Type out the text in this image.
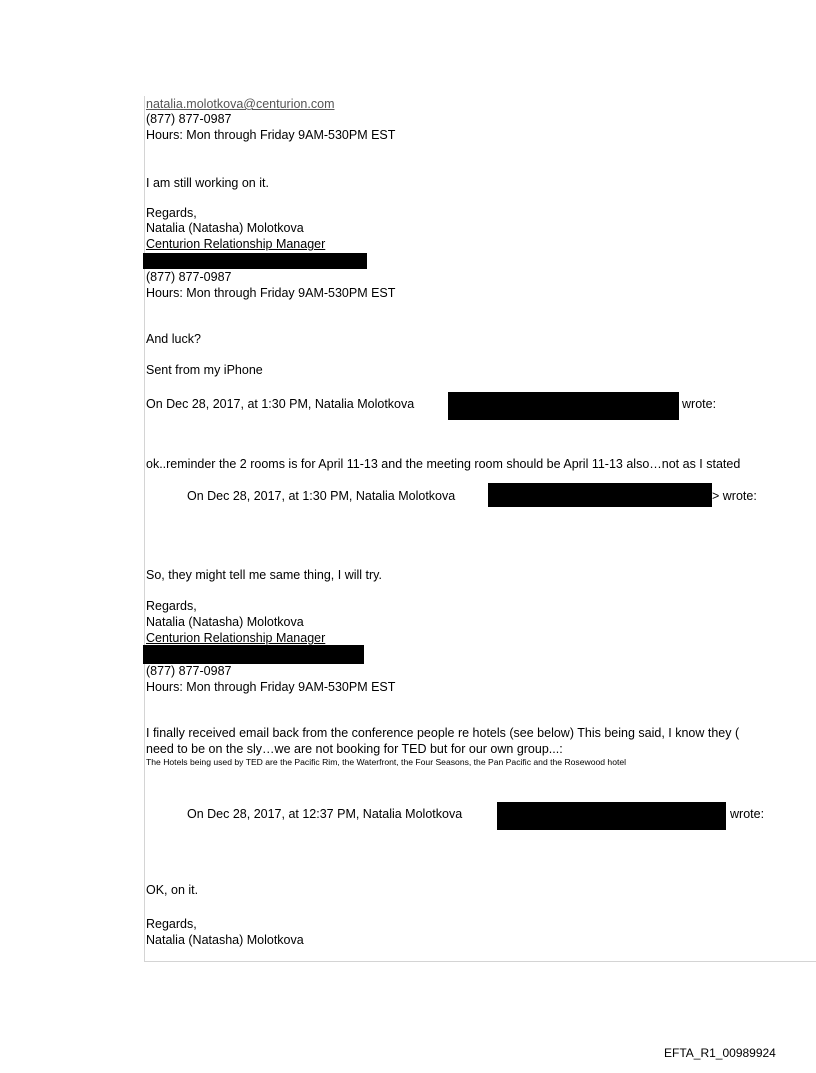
natalia.molotkova@centurion.com
(877) 877-0987
Hours: Mon through Friday 9AM-530PM EST
I am still working on it.
Regards,
Natalia (Natasha) Molotkova
Centurion Relationship Manager
(877) 877-0987
Hours: Mon through Friday 9AM-530PM EST
And luck?
Sent from my iPhone
On Dec 28, 2017, at 1:30 PM, Natalia Molotkova	wrote:
ok..reminder the 2 rooms is for April 11-13 and the meeting room should be April 11-13 also…not as I stated
On Dec 28, 2017, at 1:30 PM, Natalia Molotkova	> wrote:
So, they might tell me same thing, I will try.
Regards,
Natalia (Natasha) Molotkova
Centurion Relationship Manager
(877) 877-0987
Hours: Mon through Friday 9AM-530PM EST
I finally received email back from the conference people re hotels (see below) This being said, I know they (
need to be on the sly…we are not booking for TED but for our own group...:
The Hotels being used by TED are the Pacific Rim, the Waterfront, the Four Seasons, the Pan Pacific and the Rosewood hotel
On Dec 28, 2017, at 12:37 PM, Natalia Molotkova	wrote:
OK, on it.
Regards,
Natalia (Natasha) Molotkova
EFTA_R1_00989924
